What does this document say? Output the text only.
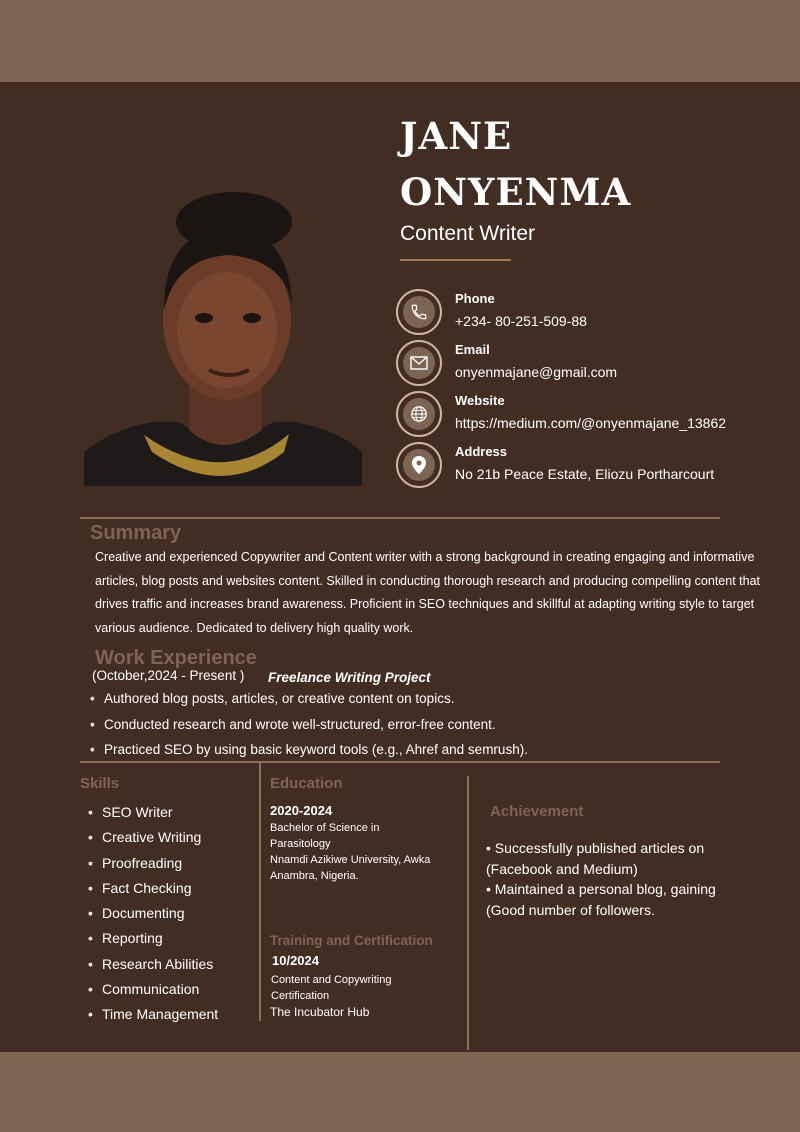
JANE
ONYENMA
Content Writer
Phone
+234- 80-251-509-88
Email
onyenmajane@gmail.com
Website
https://medium.com/@onyenmajane_13862
Address
No 21b Peace Estate, Eliozu Portharcourt
Summary
Creative and experienced Copywriter and Content writer with a strong background in creating engaging and informative articles, blog posts and websites content. Skilled in conducting thorough research and producing compelling content that drives traffic and increases brand awareness. Proficient in SEO techniques and skillful at adapting writing style to target various audience. Dedicated to delivery high quality work.
Work Experience
(October,2024 - Present ) Freelance Writing Project
• Authored blog posts, articles, or creative content on topics.
• Conducted research and wrote well-structured, error-free content.
• Practiced SEO by using basic keyword tools (e.g., Ahref and semrush).
Skills
• SEO Writer
• Creative Writing
• Proofreading
• Fact Checking
• Documenting
• Reporting
• Research Abilities
• Communication
• Time Management
Education
2020-2024
Bachelor of Science in Parasitology
Nnamdi Azikiwe University, Awka Anambra, Nigeria.
Training and Certification
10/2024
Content and Copywriting Certification
The Incubator Hub
Achievement
• Successfully published articles on (Facebook and Medium)
• Maintained a personal blog, gaining (Good number of followers.
